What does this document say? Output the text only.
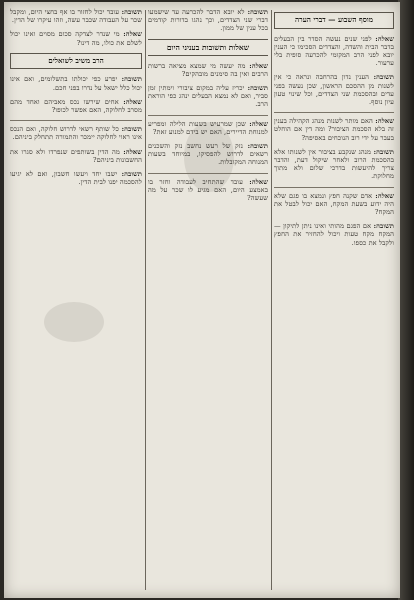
מוסף השבוע — דברי הערה
שאלה: לפני שנים נעשה הסדר בין הבעלים בדבר הבית והשדה, והצדדים הסכימו כי הענין יובא לפני הרב המקומי להכרעה סופית בלי ערעור.
תשובה: הענין נדון בהרחבה ונראה כי אין לשנות מן ההסכם הראשון, שכן נעשה בפני עדים ובהסכמת שני הצדדים, וכל שינוי טעון עיון נוסף.
שאלה: האם מותר לשנות מנהג הקהילה בענין זה בלא הסכמת הציבור? ומה דין אם הוחלט בעבר על ידי רוב הנוכחים באסיפה?
תשובה: מנהג שנקבע בציבור אין לשנותו אלא בהסכמת הרוב ולאחר שיקול דעת, והדבר צריך להיעשות בדרכי שלום ולא מתוך מחלוקת.
שאלה: אדם שקנה חפץ ונמצא בו פגם שלא היה ידוע בשעת המקח, האם יכול לבטל את המקח?
תשובה: אם הפגם מהותי ואינו ניתן לתיקון — המקח מקח טעות ויכול להחזיר את החפץ ולקבל את כספו.
תשובה: לא יובא הדבר להכרעה עד שישמעו דברי שני הצדדים, וכך נהגו בדורות קודמים בכל ענין של ממון.
שאלות ותשובות בעניני היום
שאלה: מה יעשה מי שמצא מציאה ברשות הרבים ואין בה סימנים מובהקים?
תשובה: יכריז עליה במקום ציבורי וימתין זמן סביר, ואם לא נמצא הבעלים ינהג כפי הוראת הרב.
שאלה: שכן שמרעיש בשעות הלילה ומפריע למנוחת הדיירים, האם יש בידם למנוע זאת?
תשובה: נזק של רעש נחשב נזק והשכנים רשאים לדרוש להפסיקו, במיוחד בשעות המנוחה המקובלות.
שאלה: עובד שהתחיב לעבודה וחזר בו באמצע היום, האם מגיע לו שכר על מה שעשה?
תשובה: עובד יכול לחזור בו אף בחצי היום, ומקבל שכר על העבודה שכבר עשה, וזהו עיקרו של הדין.
שאלה: מי שנדר לצדקה סכום מסוים ואינו יכול לשלם את כולו, מה דינו?
הרב משיב לשואלים
תשובה: יפרע כפי יכולתו בתשלומים, ואם אינו יכול כלל ישאל על נדרו בפני חכם.
שאלה: אחים שירשו נכס מאביהם ואחד מהם מסרב לחלוקה, האם אפשר לכופו?
תשובה: כל שותף רשאי לדרוש חלוקה, ואם הנכס אינו ראוי לחלוקה יימכר והתמורה תתחלק ביניהם.
שאלה: מה הדין בשותפים שנפרדו ולא סגרו את החשבונות ביניהם?
תשובה: ישבו יחד ויעשו חשבון, ואם לא יגיעו להסכמה יפנו לבית הדין.
